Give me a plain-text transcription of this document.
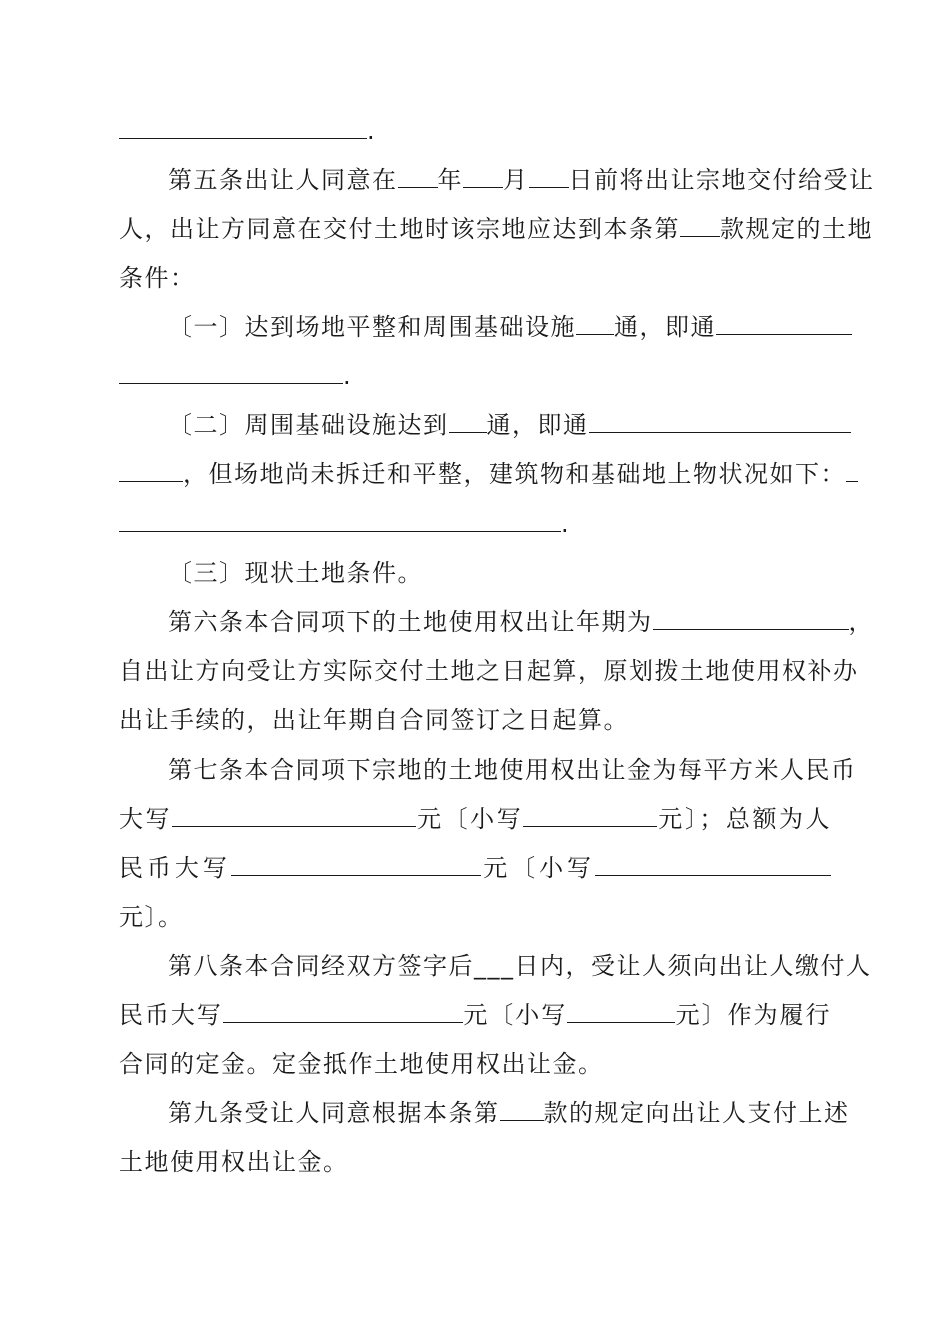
.
第五条出让人同意在 年 月 日前将出让宗地交付给受让
人，出让方同意在交付土地时该宗地应达到本条第 款规定的土地
条件：
〔一〕达到场地平整和周围基础设施 通，即通
.
〔二〕周围基础设施达到 通，即通
，但场地尚未拆迁和平整，建筑物和基础地上物状况如下：
.
〔三〕现状土地条件。
第六条本合同项下的土地使用权出让年期为	，
自出让方向受让方实际交付土地之日起算，原划拨土地使用权补办
出让手续的，出让年期自合同签订之日起算。
第七条本合同项下宗地的土地使用权出让金为每平方米人民币
大写	元〔小写	元〕；总额为人
民币大写	元〔小写
元〕。
第八条本合同经双方签字后___日内，受让人须向出让人缴付人
民币大写	元〔小写	元〕作为履行
合同的定金。定金抵作土地使用权出让金。
第九条受让人同意根据本条第 款的规定向出让人支付上述
土地使用权出让金。
